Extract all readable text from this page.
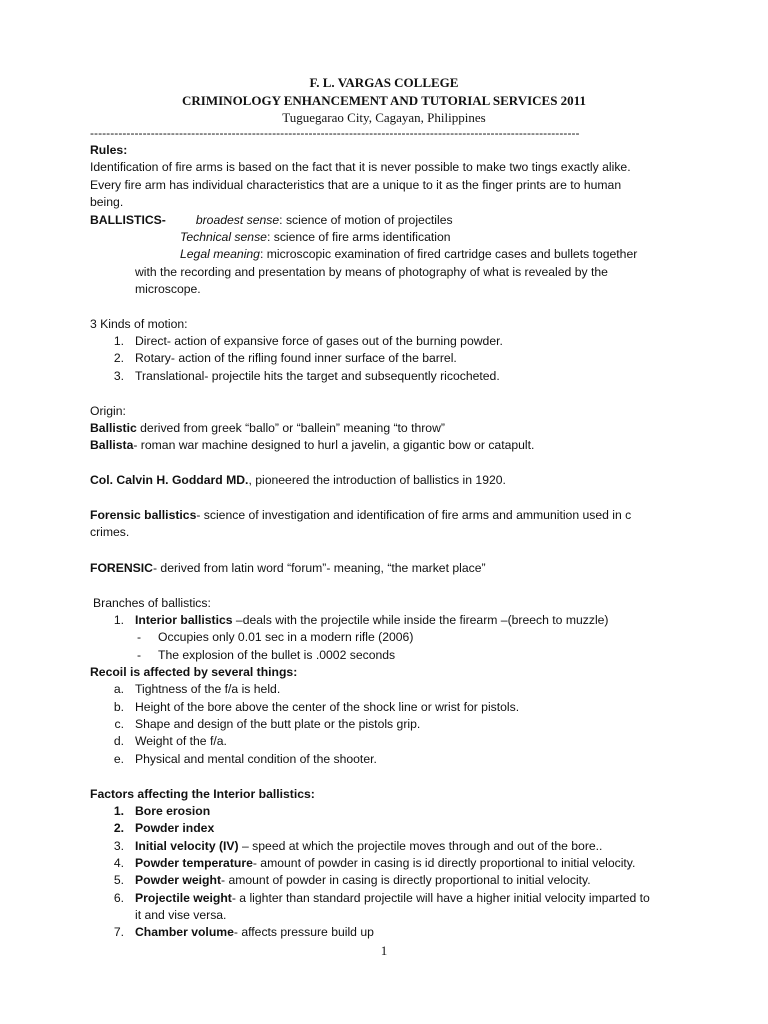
F. L. VARGAS COLLEGE
CRIMINOLOGY ENHANCEMENT AND TUTORIAL SERVICES 2011
Tuguegarao City, Cagayan, Philippines
-------------------------------------------------------------------------------------------------------------------------
Rules:
Identification of fire arms is based on the fact that it is never possible to make two tings exactly alike.
Every fire arm has individual characteristics that are a unique to it as the finger prints are to human
being.
BALLISTICS- broadest sense: science of motion of projectiles
Technical sense: science of fire arms identification
Legal meaning: microscopic examination of fired cartridge cases and bullets together
with the recording and presentation by means of photography of what is revealed by the
microscope.
3 Kinds of motion:
1. Direct- action of expansive force of gases out of the burning powder.
2. Rotary- action of the rifling found inner surface of the barrel.
3. Translational- projectile hits the target and subsequently ricocheted.
Origin:
Ballistic derived from greek “ballo” or “ballein” meaning “to throw”
Ballista- roman war machine designed to hurl a javelin, a gigantic bow or catapult.
Col. Calvin H. Goddard MD., pioneered the introduction of ballistics in 1920.
Forensic ballistics- science of investigation and identification of fire arms and ammunition used in c
crimes.
FORENSIC- derived from latin word “forum”- meaning, “the market place”
Branches of ballistics:
1. Interior ballistics –deals with the projectile while inside the firearm –(breech to muzzle)
- Occupies only 0.01 sec in a modern rifle (2006)
- The explosion of the bullet is .0002 seconds
Recoil is affected by several things:
a. Tightness of the f/a is held.
b. Height of the bore above the center of the shock line or wrist for pistols.
c. Shape and design of the butt plate or the pistols grip.
d. Weight of the f/a.
e. Physical and mental condition of the shooter.
Factors affecting the Interior ballistics:
1. Bore erosion
2. Powder index
3. Initial velocity (IV) – speed at which the projectile moves through and out of the bore..
4. Powder temperature- amount of powder in casing is id directly proportional to initial velocity.
5. Powder weight- amount of powder in casing is directly proportional to initial velocity.
6. Projectile weight- a lighter than standard projectile will have a higher initial velocity imparted to
it and vise versa.
7. Chamber volume- affects pressure build up
1
